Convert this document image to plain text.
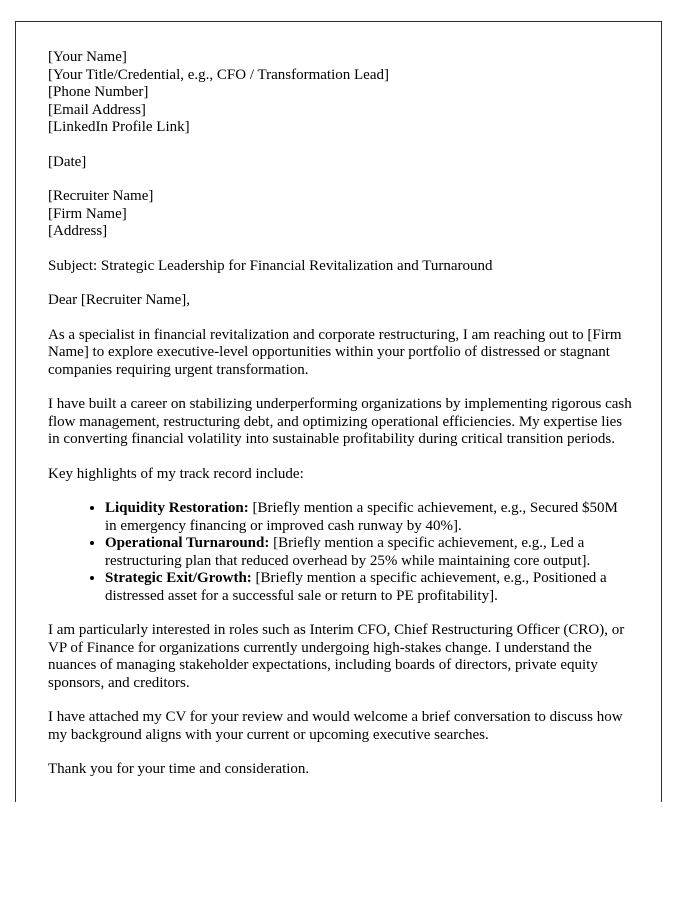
[Your Name]
[Your Title/Credential, e.g., CFO / Transformation Lead]
[Phone Number]
[Email Address]
[LinkedIn Profile Link]
[Date]
[Recruiter Name]
[Firm Name]
[Address]

Subject: Strategic Leadership for Financial Revitalization and Turnaround

Dear [Recruiter Name],

As a specialist in financial revitalization and corporate restructuring, I am reaching out to [Firm Name] to explore executive-level opportunities within your portfolio of distressed or stagnant companies requiring urgent transformation.

I have built a career on stabilizing underperforming organizations by implementing rigorous cash flow management, restructuring debt, and optimizing operational efficiencies. My expertise lies in converting financial volatility into sustainable profitability during critical transition periods.

Key highlights of my track record include:

• Liquidity Restoration: [Briefly mention a specific achievement, e.g., Secured $50M in emergency financing or improved cash runway by 40%].
• Operational Turnaround: [Briefly mention a specific achievement, e.g., Led a restructuring plan that reduced overhead by 25% while maintaining core output].
• Strategic Exit/Growth: [Briefly mention a specific achievement, e.g., Positioned a distressed asset for a successful sale or return to PE profitability].

I am particularly interested in roles such as Interim CFO, Chief Restructuring Officer (CRO), or VP of Finance for organizations currently undergoing high-stakes change. I understand the nuances of managing stakeholder expectations, including boards of directors, private equity sponsors, and creditors.

I have attached my CV for your review and would welcome a brief conversation to discuss how my background aligns with your current or upcoming executive searches.

Thank you for your time and consideration.
